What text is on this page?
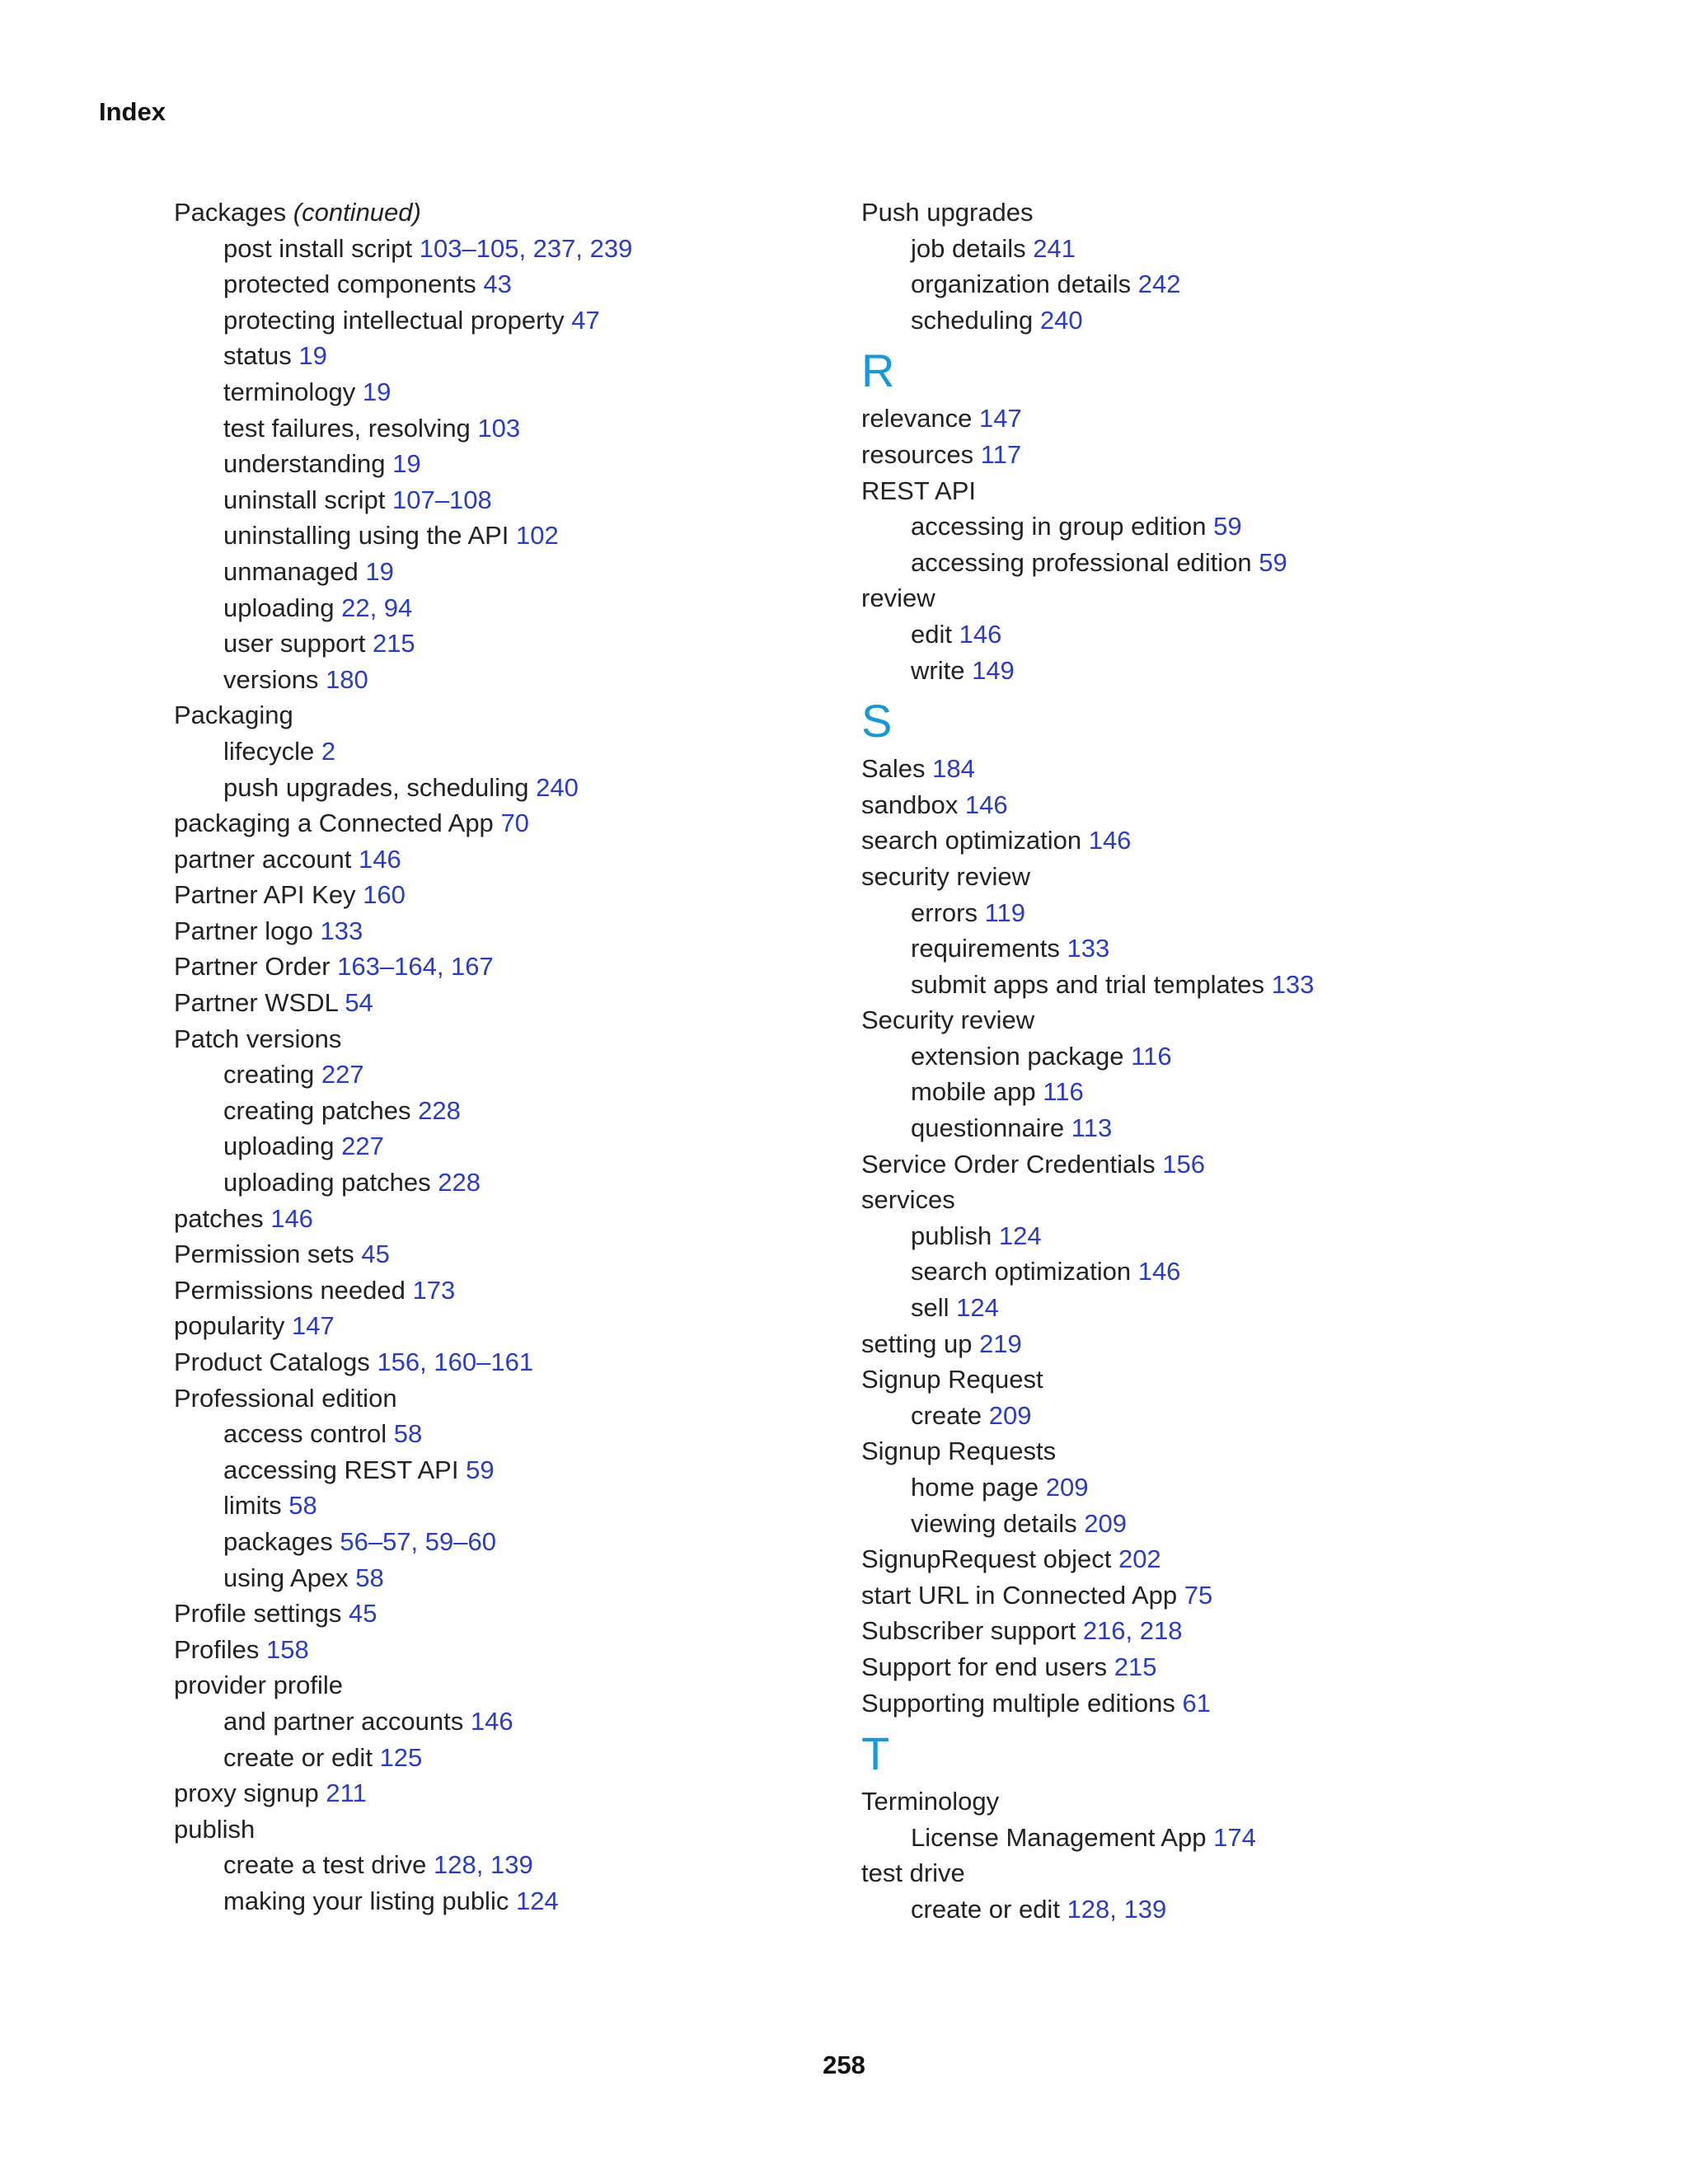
Index
Packages (continued)
post install script 103–105, 237, 239
protected components 43
protecting intellectual property 47
status 19
terminology 19
test failures, resolving 103
understanding 19
uninstall script 107–108
uninstalling using the API 102
unmanaged 19
uploading 22, 94
user support 215
versions 180
Packaging
lifecycle 2
push upgrades, scheduling 240
packaging a Connected App 70
partner account 146
Partner API Key 160
Partner logo 133
Partner Order 163–164, 167
Partner WSDL 54
Patch versions
creating 227
creating patches 228
uploading 227
uploading patches 228
patches 146
Permission sets 45
Permissions needed 173
popularity 147
Product Catalogs 156, 160–161
Professional edition
access control 58
accessing REST API 59
limits 58
packages 56–57, 59–60
using Apex 58
Profile settings 45
Profiles 158
provider profile
and partner accounts 146
create or edit 125
proxy signup 211
publish
create a test drive 128, 139
making your listing public 124
Push upgrades
job details 241
organization details 242
scheduling 240
R
relevance 147
resources 117
REST API
accessing in group edition 59
accessing professional edition 59
review
edit 146
write 149
S
Sales 184
sandbox 146
search optimization 146
security review
errors 119
requirements 133
submit apps and trial templates 133
Security review
extension package 116
mobile app 116
questionnaire 113
Service Order Credentials 156
services
publish 124
search optimization 146
sell 124
setting up 219
Signup Request
create 209
Signup Requests
home page 209
viewing details 209
SignupRequest object 202
start URL in Connected App 75
Subscriber support 216, 218
Support for end users 215
Supporting multiple editions 61
T
Terminology
License Management App 174
test drive
create or edit 128, 139
258
